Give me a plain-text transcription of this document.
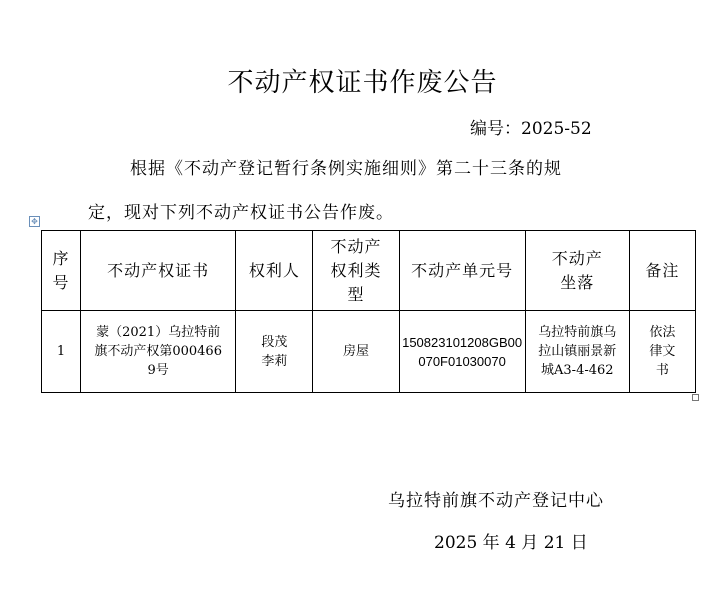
不动产权证书作废公告
编号：2025-52
根据《不动产登记暂行条例实施细则》第二十三条的规
定，现对下列不动产权证书公告作废。
✥
序号	不动产权证书	权利人	不动产权利类型	不动产单元号	不动产坐落	备注
1	蒙（2021）乌拉特前旗不动产权第0004669号	段茂李莉	房屋	150823101208GB00070F01030070	乌拉特前旗乌拉山镇丽景新城A3-4-462	依法律文书
乌拉特前旗不动产登记中心
2025 年 4 月 21 日
